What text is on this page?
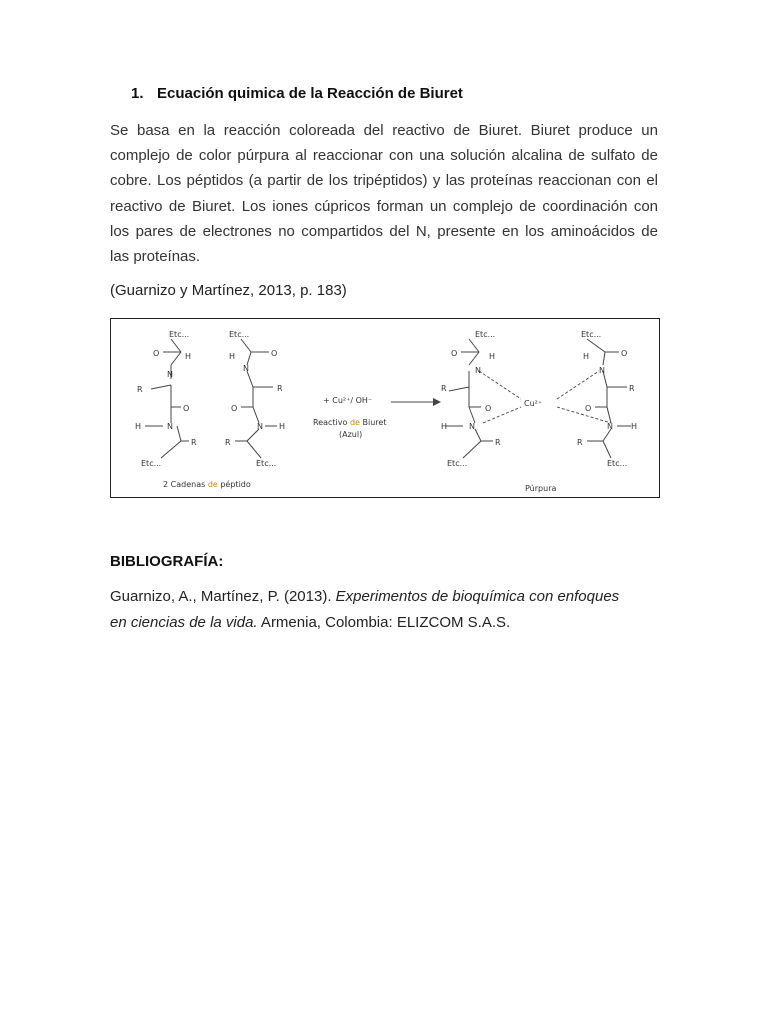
1. Ecuación quimica de la Reacción de Biuret
Se basa en la reacción coloreada del reactivo de Biuret. Biuret produce un
complejo de color púrpura al reaccionar con una solución alcalina de sulfato de
cobre. Los péptidos (a partir de los tripéptidos) y las proteínas reaccionan con el
reactivo de Biuret. Los iones cúpricos forman un complejo de coordinación con
los pares de electrones no compartidos del N, presente en los aminoácidos de
las proteínas.
(Guarnizo y Martínez, 2013, p. 183)
Etc...
O	H
N
R
O
H	N
R
Etc...
Etc...
H	O
N
R
O
N H
R
Etc...
+ Cu²⁺/ OH⁻
Reactivo de Biuret
(Azul)
2 Cadenas de péptido
Etc...
O	H
N
R
O
Cu²⁺
H	N
R
Etc...
Etc...
H	O
N
R
O
N H
R
Etc...
Púrpura
BIBLIOGRAFÍA:
Guarnizo, A., Martínez, P. (2013). Experimentos de bioquímica con enfoques
en ciencias de la vida. Armenia, Colombia: ELIZCOM S.A.S.
